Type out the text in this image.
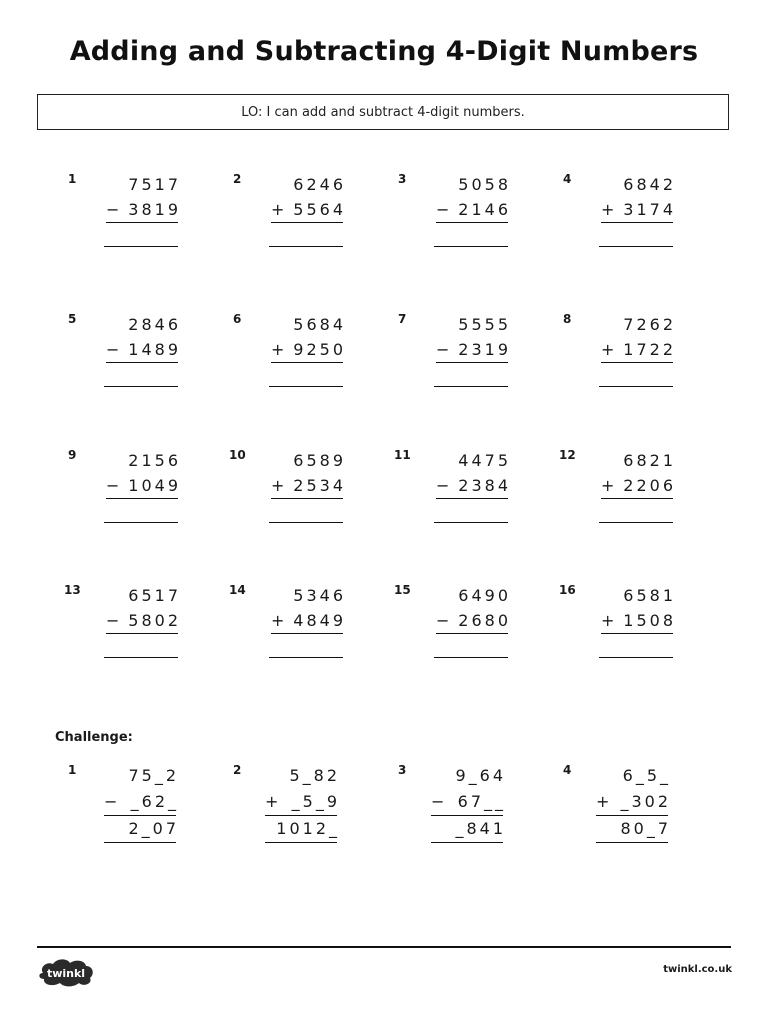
Adding and Subtracting 4-Digit Numbers
LO: I can add and subtract 4-digit numbers.
1	7517
− 3819
2	6246
+ 5564
3	5058
− 2146
4	6842
+ 3174
5	2846
− 1489
6	5684
+ 9250
7	5555
− 2319
8	7262
+ 1722
9	2156
− 1049
10	6589
+ 2534
11	4475
− 2384
12	6821
+ 2206
13	6517
− 5802
14	5346
+ 4849
15	6490
− 2680
16	6581
+ 1508
Challenge:
1	75_2
− _62_
2_07
2	5_82
+ _5_9
1012_
3	9_64
− 67__
_841
4	6_5_
+ _302
80_7
twinkl	twinkl.co.uk
